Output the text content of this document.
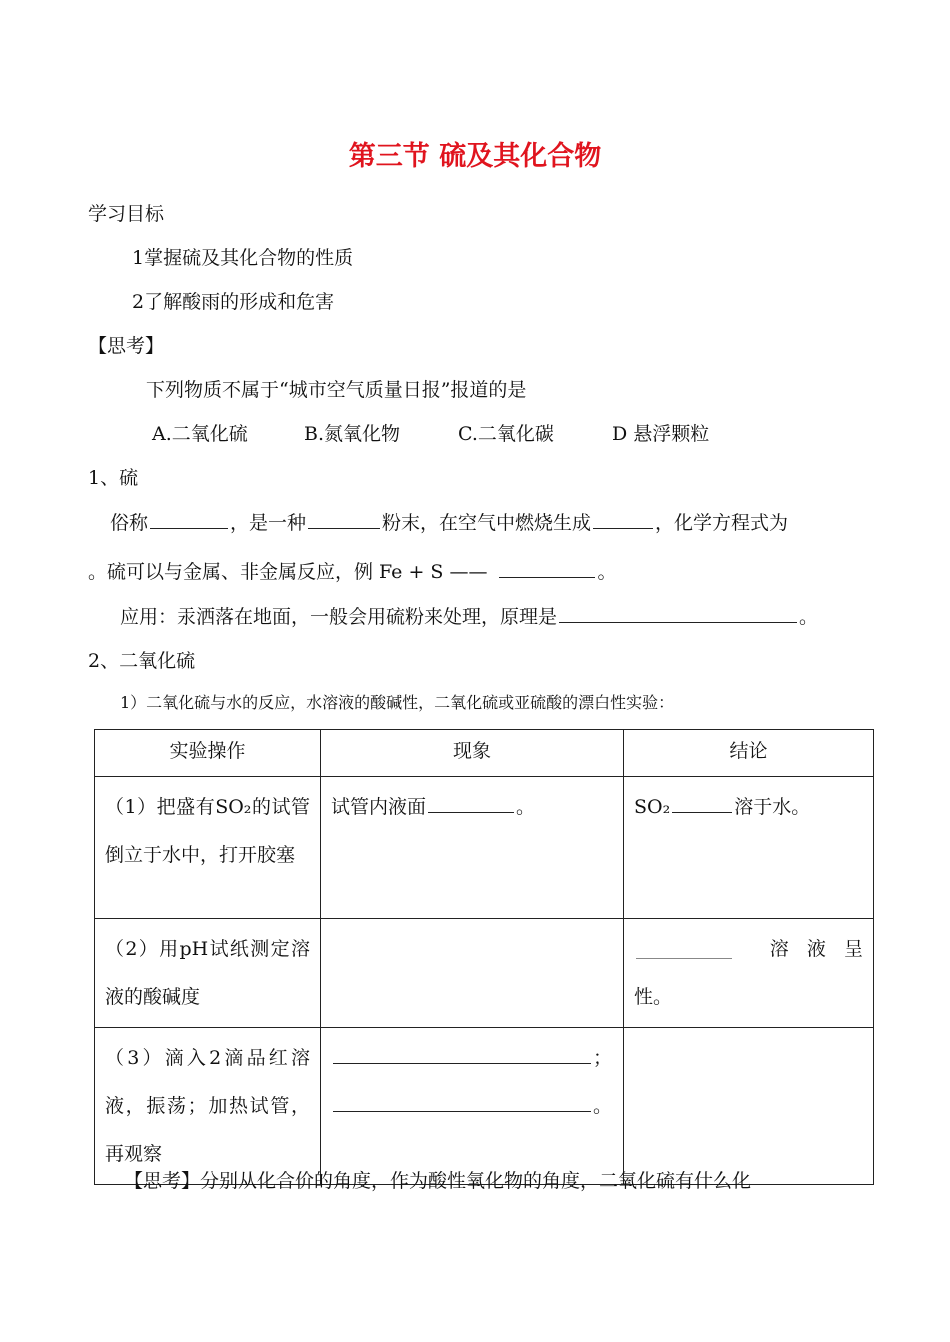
第三节 硫及其化合物
学习目标
1掌握硫及其化合物的性质
2了解酸雨的形成和危害
【思考】
下列物质不属于“城市空气质量日报”报道的是
A.二氧化硫	B.氮氧化物	C.二氧化碳	D 悬浮颗粒
1、硫
俗称	，是一种	粉末，在空气中燃烧生成	，化学方程式为
。硫可以与金属、非金属反应，例 Fe + S ——	。
应用：汞洒落在地面，一般会用硫粉来处理，原理是	。
2、二氧化硫
1）二氧化硫与水的反应，水溶液的酸碱性，二氧化硫或亚硫酸的漂白性实验：
实验操作	现象	结论
（1）把盛有SO₂的试管倒立于水中，打开胶塞	试管内液面 。	SO₂ 溶于水。
（2）用pH试纸测定溶液的酸碱度		溶   液   呈
性。

（3）滴入2滴品红溶液，振荡；加热试管，再观察	；
。	

【思考】分别从化合价的角度，作为酸性氧化物的角度，二氧化硫有什么化
